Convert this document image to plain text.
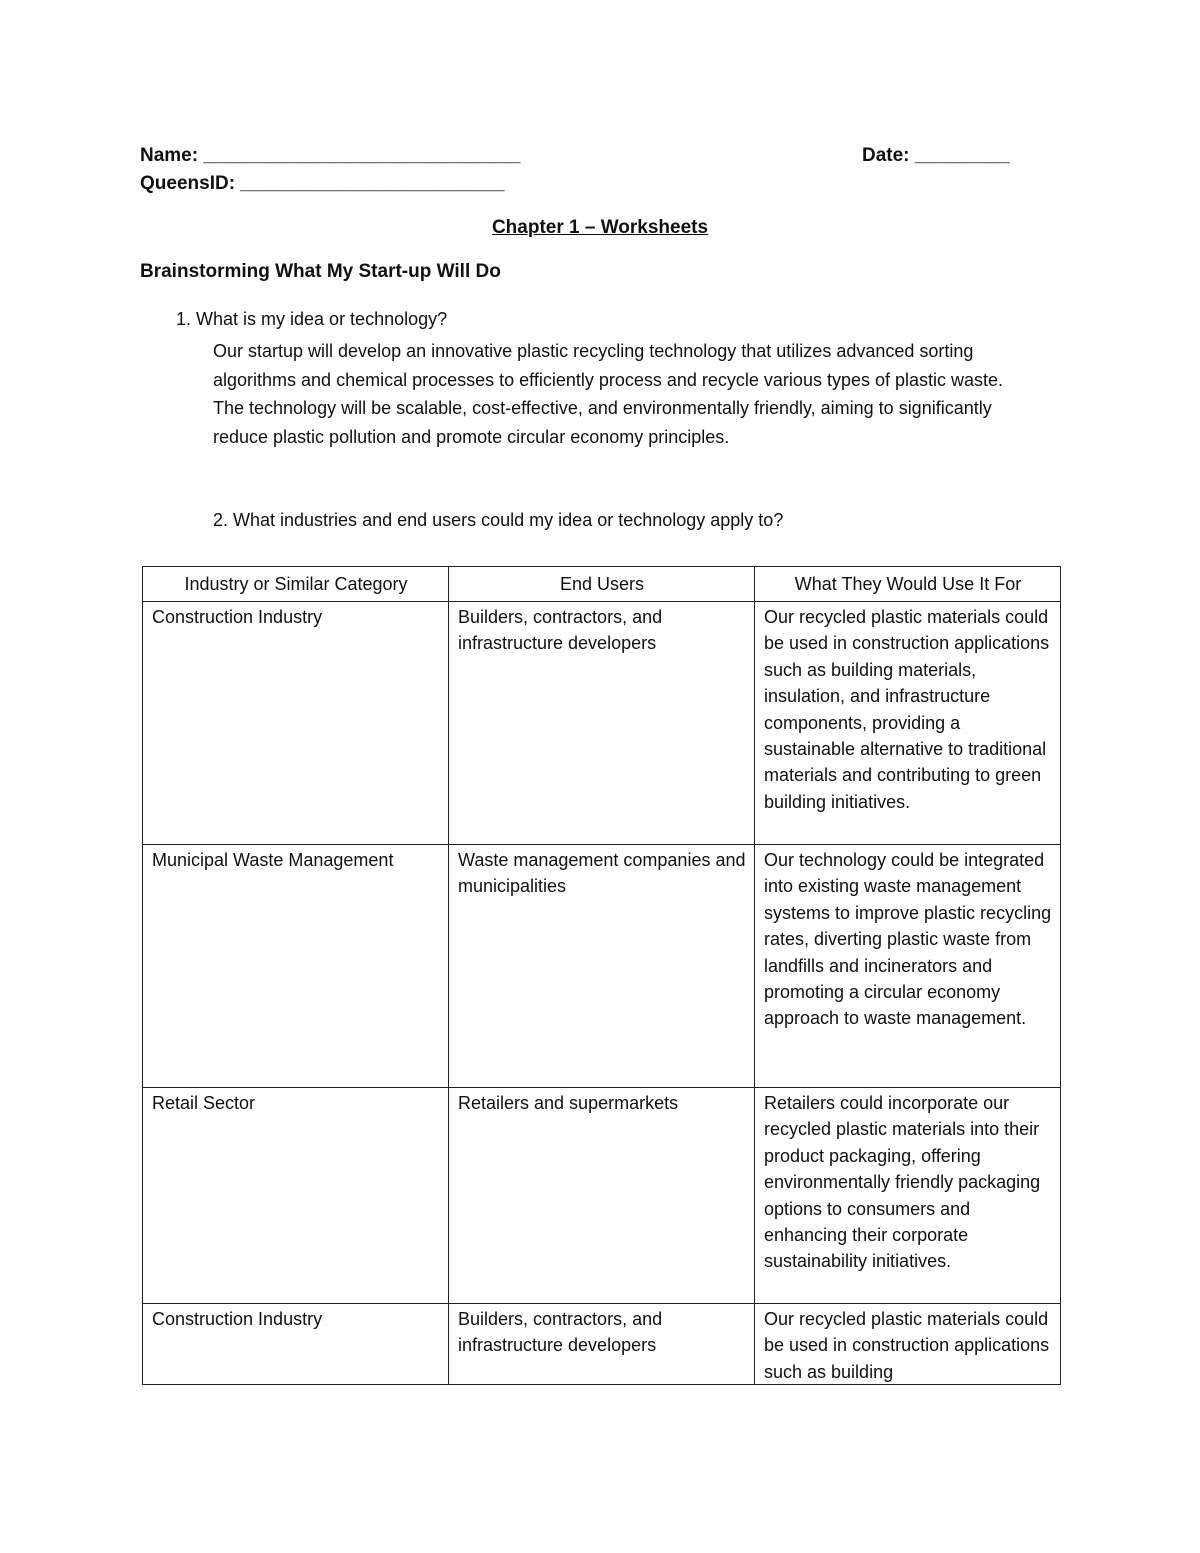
Name: ______________________________	Date: _________
QueensID: _________________________
Chapter 1 – Worksheets
Brainstorming What My Start-up Will Do
1. What is my idea or technology?
Our startup will develop an innovative plastic recycling technology that utilizes advanced sorting algorithms and chemical processes to efficiently process and recycle various types of plastic waste. The technology will be scalable, cost-effective, and environmentally friendly, aiming to significantly reduce plastic pollution and promote circular economy principles.
2. What industries and end users could my idea or technology apply to?
Industry or Similar Category	End Users	What They Would Use It For
Construction Industry	Builders, contractors, and infrastructure developers	Our recycled plastic materials could be used in construction applications such as building materials, insulation, and infrastructure components, providing a sustainable alternative to traditional materials and contributing to green building initiatives.
Municipal Waste Management	Waste management companies and municipalities	Our technology could be integrated into existing waste management systems to improve plastic recycling rates, diverting plastic waste from landfills and incinerators and promoting a circular economy approach to waste management.
Retail Sector	Retailers and supermarkets	Retailers could incorporate our recycled plastic materials into their product packaging, offering environmentally friendly packaging options to consumers and enhancing their corporate sustainability initiatives.

Construction Industry	Builders, contractors, and infrastructure developers	Our recycled plastic materials could be used in construction applications such as building
